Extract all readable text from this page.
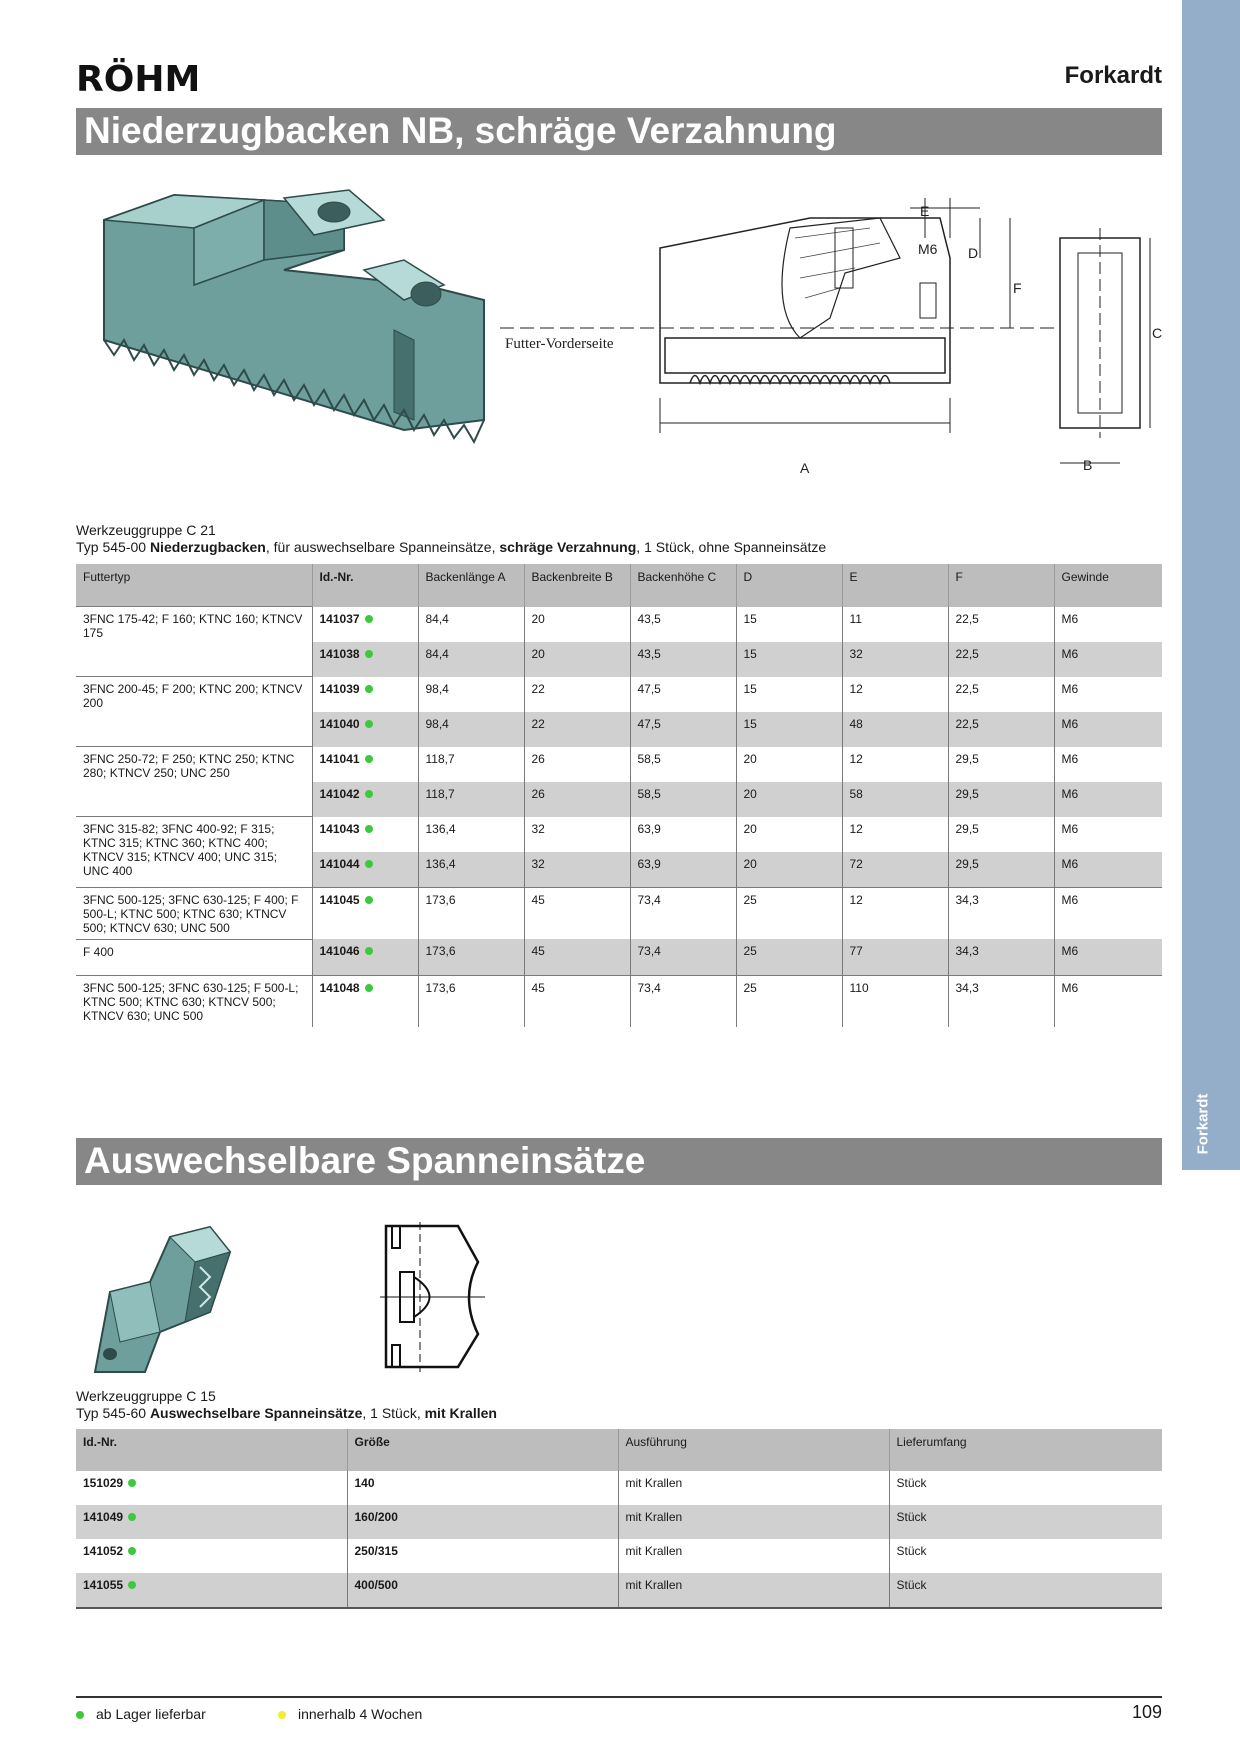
Forkardt
RÖHM	Forkardt
Niederzugbacken NB, schräge Verzahnung
Futter-Vorderseite
A	B
C
D
E
F
M6
Werkzeuggruppe C 21
Typ 545-00 Niederzugbacken, für auswechselbare Spanneinsätze, schräge Verzahnung, 1 Stück, ohne Spanneinsätze
Futtertyp	Id.-Nr.	Backenlänge A	Backenbreite B	Backenhöhe C	D	E	F	Gewinde
3FNC 175-42; F 160; KTNC 160; KTNCV 175	141037	84,4	20	43,5	15	11	22,5	M6
	141038	84,4	20	43,5	15	32	22,5	M6
3FNC 200-45; F 200; KTNC 200; KTNCV 200	141039	98,4	22	47,5	15	12	22,5	M6
	141040	98,4	22	47,5	15	48	22,5	M6
3FNC 250-72; F 250; KTNC 250; KTNC 280; KTNCV 250; UNC 250	141041	118,7	26	58,5	20	12	29,5	M6
	141042	118,7	26	58,5	20	58	29,5	M6
3FNC 315-82; 3FNC 400-92; F 315; KTNC 315; KTNC 360; KTNC 400; KTNCV 315; KTNCV 400; UNC 315; UNC 400	141043	136,4	32	63,9	20	12	29,5	M6
	141044	136,4	32	63,9	20	72	29,5	M6
3FNC 500-125; 3FNC 630-125; F 400; F 500-L; KTNC 500; KTNC 630; KTNCV 500; KTNCV 630; UNC 500	141045	173,6	45	73,4	25	12	34,3	M6
F 400	141046	173,6	45	73,4	25	77	34,3	M6
3FNC 500-125; 3FNC 630-125; F 500-L; KTNC 500; KTNC 630; KTNCV 500; KTNCV 630; UNC 500	141048	173,6	45	73,4	25	110	34,3	M6
Auswechselbare Spanneinsätze
Werkzeuggruppe C 15
Typ 545-60 Auswechselbare Spanneinsätze, 1 Stück, mit Krallen
Id.-Nr.	Größe	Ausführung	Lieferumfang
151029	140	mit Krallen	Stück
141049	160/200	mit Krallen	Stück
141052	250/315	mit Krallen	Stück
141055	400/500	mit Krallen	Stück
ab Lager lieferbar	innerhalb 4 Wochen	109
